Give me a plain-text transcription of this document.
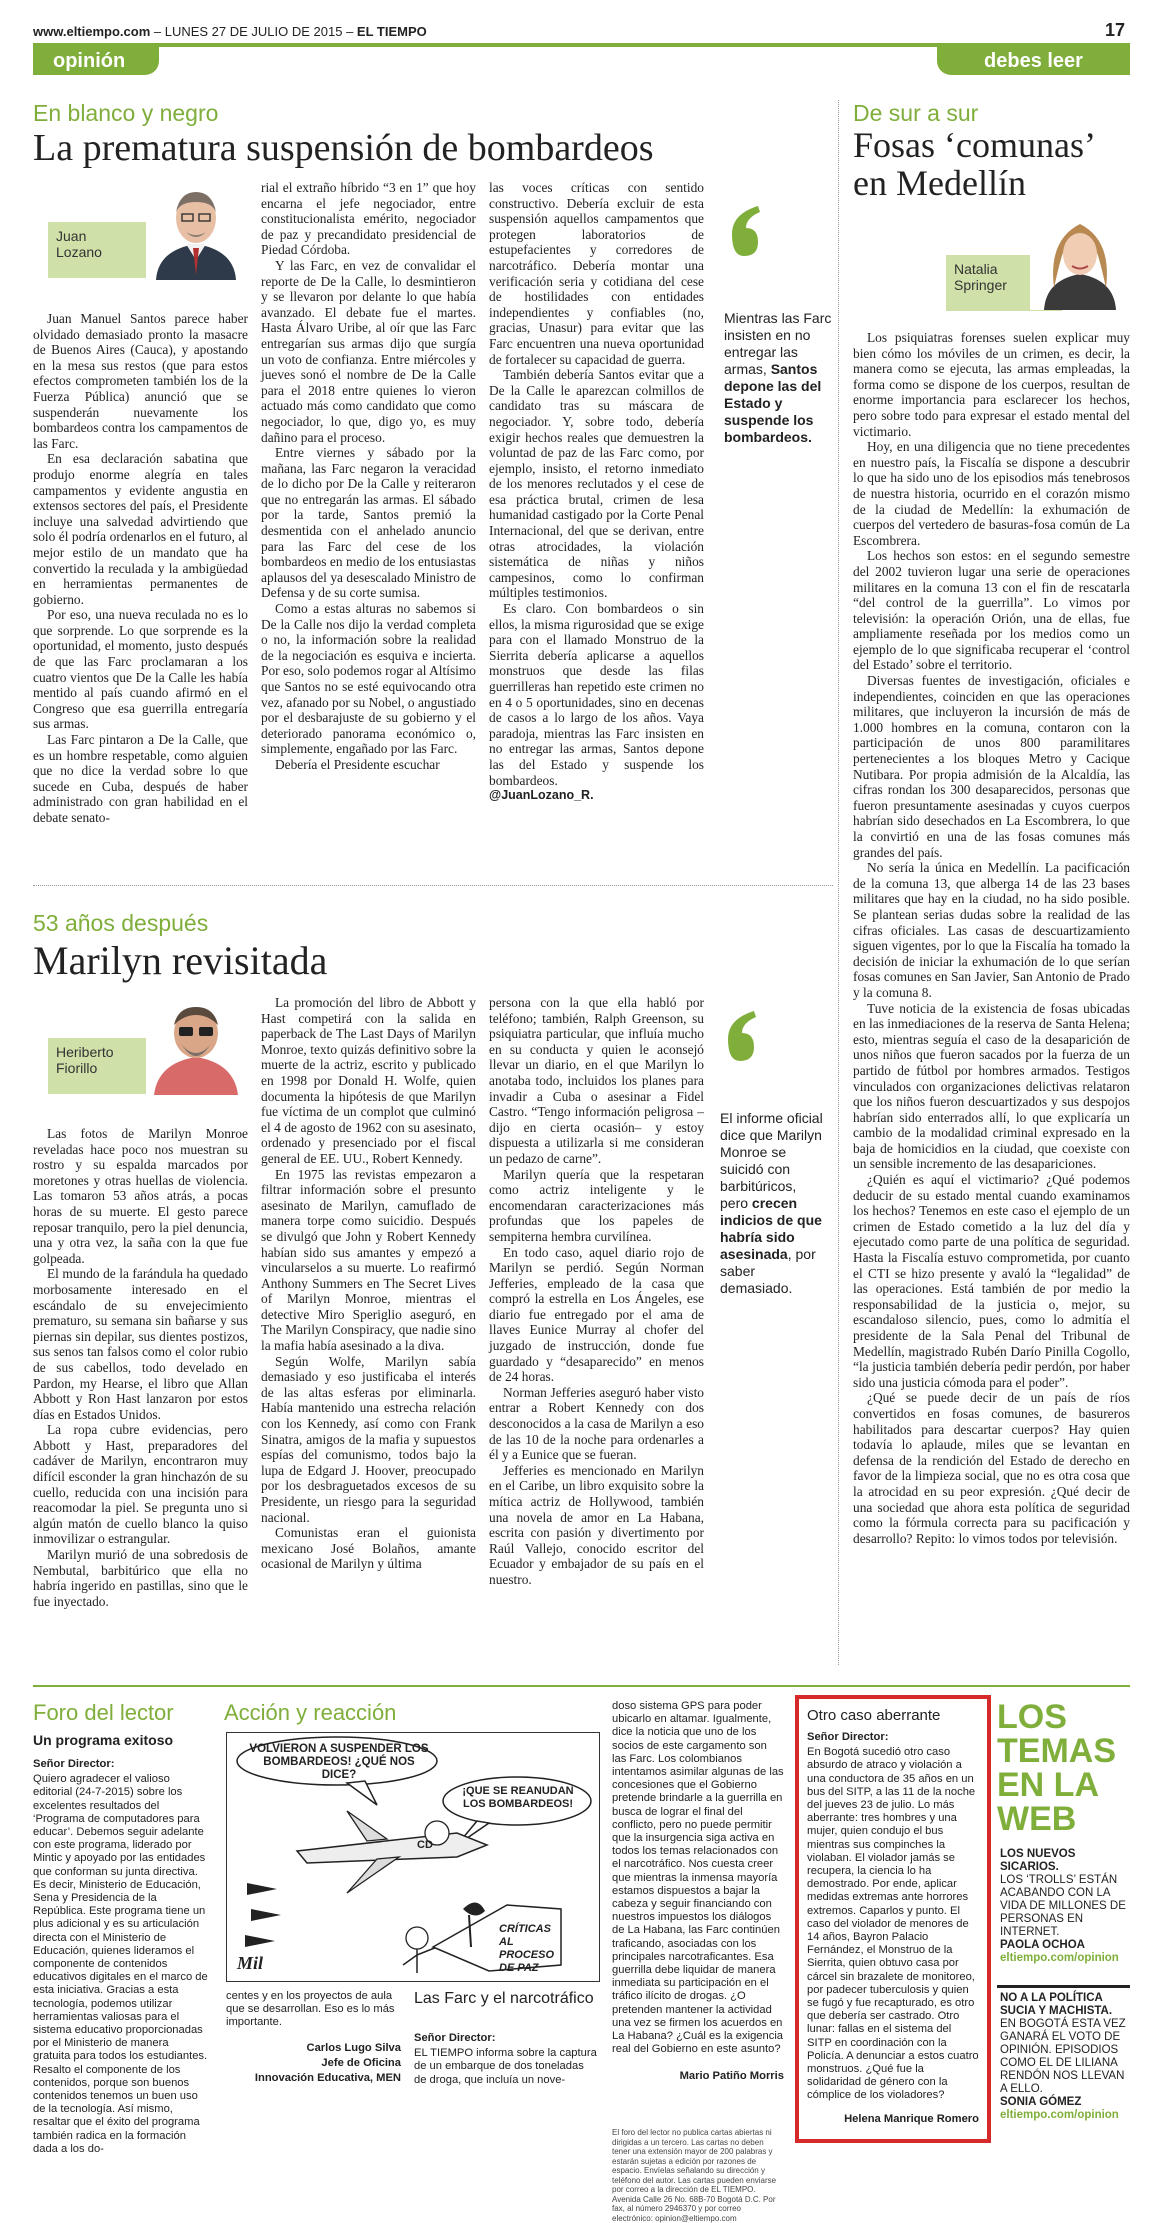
www.eltiempo.com – LUNES 27 DE JULIO DE 2015 – EL TIEMPO	17
opinión	debes leer
En blanco y negro
La prematura suspensión de bombardeos
Juan
Lozano

Juan Manuel Santos parece haber olvidado demasiado pronto la masacre de Buenos Aires (Cauca), y apostando en la mesa sus restos (que para estos efectos comprometen también los de la Fuerza Pública) anunció que se suspenderán nuevamente los bombardeos contra los campamentos de las Farc.

En esa declaración sabatina que produjo enorme alegría en tales campamentos y evidente angustia en extensos sectores del país, el Presidente incluye una salvedad advirtiendo que solo él podría ordenarlos en el futuro, al mejor estilo de un mandato que ha convertido la reculada y la ambigüedad en herramientas permanentes de gobierno.

Por eso, una nueva reculada no es lo que sorprende. Lo que sorprende es la oportunidad, el momento, justo después de que las Farc proclamaran a los cuatro vientos que De la Calle les había mentido al país cuando afirmó en el Congreso que esa guerrilla entregaría sus armas.

Las Farc pintaron a De la Calle, que es un hombre respetable, como alguien que no dice la verdad sobre lo que sucede en Cuba, después de haber administrado con gran habilidad en el debate senato-

rial el extraño híbrido “3 en 1” que hoy encarna el jefe negociador, entre constitucionalista emérito, negociador de paz y precandidato presidencial de Piedad Córdoba.

Y las Farc, en vez de convalidar el reporte de De la Calle, lo desmintieron y se llevaron por delante lo que había avanzado. El debate fue el martes. Hasta Álvaro Uribe, al oír que las Farc entregarían sus armas dijo que surgía un voto de confianza. Entre miércoles y jueves sonó el nombre de De la Calle para el 2018 entre quienes lo vieron actuado más como candidato que como negociador, lo que, digo yo, es muy dañino para el proceso.

Entre viernes y sábado por la mañana, las Farc negaron la veracidad de lo dicho por De la Calle y reiteraron que no entregarán las armas. El sábado por la tarde, Santos premió la desmentida con el anhelado anuncio para las Farc del cese de los bombardeos en medio de los entusiastas aplausos del ya desescalado Ministro de Defensa y de su corte sumisa.

Como a estas alturas no sabemos si De la Calle nos dijo la verdad completa o no, la información sobre la realidad de la negociación es esquiva e incierta. Por eso, solo podemos rogar al Altísimo que Santos no se esté equivocando otra vez, afanado por su Nobel, o angustiado por el desbarajuste de su gobierno y el deteriorado panorama económico o, simplemente, engañado por las Farc.

Debería el Presidente escuchar

las voces críticas con sentido constructivo. Debería excluir de esta suspensión aquellos campamentos que protegen laboratorios de estupefacientes y corredores de narcotráfico. Debería montar una verificación seria y cotidiana del cese de hostilidades con entidades independientes y confiables (no, gracias, Unasur) para evitar que las Farc encuentren una nueva oportunidad de fortalecer su capacidad de guerra.

También debería Santos evitar que a De la Calle le aparezcan colmillos de candidato tras su máscara de negociador. Y, sobre todo, debería exigir hechos reales que demuestren la voluntad de paz de las Farc como, por ejemplo, insisto, el retorno inmediato de los menores reclutados y el cese de esa práctica brutal, crimen de lesa humanidad castigado por la Corte Penal Internacional, del que se derivan, entre otras atrocidades, la violación sistemática de niñas y niños campesinos, como lo confirman múltiples testimonios.

Es claro. Con bombardeos o sin ellos, la misma rigurosidad que se exige para con el llamado Monstruo de la Sierrita debería aplicarse a aquellos monstruos que desde las filas guerrilleras han repetido este crimen no en 4 o 5 oportunidades, sino en decenas de casos a lo largo de los años. Vaya paradoja, mientras las Farc insisten en no entregar las armas, Santos depone las del Estado y suspende los bombardeos.

@JuanLozano_R.

Mientras las Farc insisten en no entregar las armas, Santos depone las del Estado y suspende los bombardeos.
53 años después
Marilyn revisitada
Heriberto
Fiorillo

Las fotos de Marilyn Monroe reveladas hace poco nos muestran su rostro y su espalda marcados por moretones y otras huellas de violencia. Las tomaron 53 años atrás, a pocas horas de su muerte. El gesto parece reposar tranquilo, pero la piel denuncia, una y otra vez, la saña con la que fue golpeada.

El mundo de la farándula ha quedado morbosamente interesado en el escándalo de su envejecimiento prematuro, su semana sin bañarse y sus piernas sin depilar, sus dientes postizos, sus senos tan falsos como el color rubio de sus cabellos, todo develado en Pardon, my Hearse, el libro que Allan Abbott y Ron Hast lanzaron por estos días en Estados Unidos.

La ropa cubre evidencias, pero Abbott y Hast, preparadores del cadáver de Marilyn, encontraron muy difícil esconder la gran hinchazón de su cuello, reducida con una incisión para reacomodar la piel. Se pregunta uno si algún matón de cuello blanco la quiso inmovilizar o estrangular.

Marilyn murió de una sobredosis de Nembutal, barbitúrico que ella no habría ingerido en pastillas, sino que le fue inyectado.

La promoción del libro de Abbott y Hast competirá con la salida en paperback de The Last Days of Marilyn Monroe, texto quizás definitivo sobre la muerte de la actriz, escrito y publicado en 1998 por Donald H. Wolfe, quien documenta la hipótesis de que Marilyn fue víctima de un complot que culminó el 4 de agosto de 1962 con su asesinato, ordenado y presenciado por el fiscal general de EE. UU., Robert Kennedy.

En 1975 las revistas empezaron a filtrar información sobre el presunto asesinato de Marilyn, camuflado de manera torpe como suicidio. Después se divulgó que John y Robert Kennedy habían sido sus amantes y empezó a vincularselos a su muerte. Lo reafirmó Anthony Summers en The Secret Lives of Marilyn Monroe, mientras el detective Miro Speriglio aseguró, en The Marilyn Conspiracy, que nadie sino la mafia había asesinado a la diva.

Según Wolfe, Marilyn sabía demasiado y eso justificaba el interés de las altas esferas por eliminarla. Había mantenido una estrecha relación con los Kennedy, así como con Frank Sinatra, amigos de la mafia y supuestos espías del comunismo, todos bajo la lupa de Edgard J. Hoover, preocupado por los desbraguetados excesos de su Presidente, un riesgo para la seguridad nacional.

Comunistas eran el guionista mexicano José Bolaños, amante ocasional de Marilyn y última

persona con la que ella habló por teléfono; también, Ralph Greenson, su psiquiatra particular, que influía mucho en su conducta y quien le aconsejó llevar un diario, en el que Marilyn lo anotaba todo, incluidos los planes para invadir a Cuba o asesinar a Fidel Castro. “Tengo información peligrosa –dijo en cierta ocasión– y estoy dispuesta a utilizarla si me consideran un pedazo de carne”.

Marilyn quería que la respetaran como actriz inteligente y le encomendaran caracterizaciones más profundas que los papeles de sempiterna hembra curvilínea.

En todo caso, aquel diario rojo de Marilyn se perdió. Según Norman Jefferies, empleado de la casa que compró la estrella en Los Ángeles, ese diario fue entregado por el ama de llaves Eunice Murray al chofer del juzgado de instrucción, donde fue guardado y “desaparecido” en menos de 24 horas.

Norman Jefferies aseguró haber visto entrar a Robert Kennedy con dos desconocidos a la casa de Marilyn a eso de las 10 de la noche para ordenarles a él y a Eunice que se fueran.

Jefferies es mencionado en Marilyn en el Caribe, un libro exquisito sobre la mítica actriz de Hollywood, también una novela de amor en La Habana, escrita con pasión y divertimento por Raúl Vallejo, conocido escritor del Ecuador y embajador de su país en el nuestro.

El informe oficial dice que Marilyn Monroe se suicidó con barbitúricos, pero crecen indicios de que habría sido asesinada, por saber demasiado.
De sur a sur
Fosas ‘comunas’
en Medellín
Natalia
Springer

Los psiquiatras forenses suelen explicar muy bien cómo los móviles de un crimen, es decir, la manera como se ejecuta, las armas empleadas, la forma como se dispone de los cuerpos, resultan de enorme importancia para esclarecer los hechos, pero sobre todo para expresar el estado mental del victimario.

Hoy, en una diligencia que no tiene precedentes en nuestro país, la Fiscalía se dispone a descubrir lo que ha sido uno de los episodios más tenebrosos de nuestra historia, ocurrido en el corazón mismo de la ciudad de Medellín: la exhumación de cuerpos del vertedero de basuras-fosa común de La Escombrera.

Los hechos son estos: en el segundo semestre del 2002 tuvieron lugar una serie de operaciones militares en la comuna 13 con el fin de rescatarla “del control de la guerrilla”. Lo vimos por televisión: la operación Orión, una de ellas, fue ampliamente reseñada por los medios como un ejemplo de lo que significaba recuperar el ‘control del Estado’ sobre el territorio.

Diversas fuentes de investigación, oficiales e independientes, coinciden en que las operaciones militares, que incluyeron la incursión de más de 1.000 hombres en la comuna, contaron con la participación de unos 800 paramilitares pertenecientes a los bloques Metro y Cacique Nutibara. Por propia admisión de la Alcaldía, las cifras rondan los 300 desaparecidos, personas que fueron presuntamente asesinadas y cuyos cuerpos habrían sido desechados en La Escombrera, lo que la convirtió en una de las fosas comunes más grandes del país.

No sería la única en Medellín. La pacificación de la comuna 13, que alberga 14 de las 23 bases militares que hay en la ciudad, no ha sido posible. Se plantean serias dudas sobre la realidad de las cifras oficiales. Las casas de descuartizamiento siguen vigentes, por lo que la Fiscalía ha tomado la decisión de iniciar la exhumación de lo que serían fosas comunes en San Javier, San Antonio de Prado y la comuna 8.

Tuve noticia de la existencia de fosas ubicadas en las inmediaciones de la reserva de Santa Helena; esto, mientras seguía el caso de la desaparición de unos niños que fueron sacados por la fuerza de un partido de fútbol por hombres armados. Testigos vinculados con organizaciones delictivas relataron que los niños fueron descuartizados y sus despojos habrían sido enterrados allí, lo que explicaría un cambio de la modalidad criminal expresado en la baja de homicidios en la ciudad, que coexiste con un sensible incremento de las desapariciones.

¿Quién es aquí el victimario? ¿Qué podemos deducir de su estado mental cuando examinamos los hechos? Tenemos en este caso el ejemplo de un crimen de Estado cometido a la luz del día y ejecutado como parte de una política de seguridad. Hasta la Fiscalía estuvo comprometida, por cuanto el CTI se hizo presente y avaló la “legalidad” de las operaciones. Está también de por medio la responsabilidad de la justicia o, mejor, su escandaloso silencio, pues, como lo admitía el presidente de la Sala Penal del Tribunal de Medellín, magistrado Rubén Darío Pinilla Cogollo, “la justicia también debería pedir perdón, por haber sido una justicia cómoda para el poder”.

¿Qué se puede decir de un país de ríos convertidos en fosas comunes, de basureros habilitados para descartar cuerpos? Hay quien todavía lo aplaude, miles que se levantan en defensa de la rendición del Estado de derecho en favor de la limpieza social, que no es otra cosa que la atrocidad en su peor expresión. ¿Qué decir de una sociedad que ahora esta política de seguridad como la fórmula correcta para su pacificación y desarrollo? Repito: lo vimos todos por televisión.

Foro del lector
Un programa exitoso

Señor Director:

Quiero agradecer el valioso editorial (24-7-2015) sobre los excelentes resultados del ‘Programa de computadores para educar’. Debemos seguir adelante con este programa, liderado por Mintic y apoyado por las entidades que conforman su junta directiva. Es decir, Ministerio de Educación, Sena y Presidencia de la República. Este programa tiene un plus adicional y es su articulación directa con el Ministerio de Educación, quienes lideramos el componente de contenidos educativos digitales en el marco de esta iniciativa. Gracias a esta tecnología, podemos utilizar herramientas valiosas para el sistema educativo proporcionadas por el Ministerio de manera gratuita para todos los estudiantes. Resalto el componente de los contenidos, porque son buenos contenidos tenemos un buen uso de la tecnología. Así mismo, resaltar que el éxito del programa también radica en la formación dada a los do-

Acción y reacción
VOLVIERON A SUSPENDER LOS BOMBARDEOS! ¿QUÉ NOS DICE?
¡QUE SE REANUDAN LOS BOMBARDEOS!
CD
CRÍTICAS AL PROCESO DE PAZ
Mil

centes y en los proyectos de aula que se desarrollan. Eso es lo más importante.

Carlos Lugo Silva

Jefe de Oficina

Innovación Educativa, MEN

Las Farc y el narcotráfico

Señor Director:

EL TIEMPO informa sobre la captura de un embarque de dos toneladas de droga, que incluía un nove-

doso sistema GPS para poder ubicarlo en altamar. Igualmente, dice la noticia que uno de los socios de este cargamento son las Farc. Los colombianos intentamos asimilar algunas de las concesiones que el Gobierno pretende brindarle a la guerrilla en busca de lograr el final del conflicto, pero no puede permitir que la insurgencia siga activa en todos los temas relacionados con el narcotráfico. Nos cuesta creer que mientras la inmensa mayoría estamos dispuestos a bajar la cabeza y seguir financiando con nuestros impuestos los diálogos de La Habana, las Farc continúen traficando, asociadas con los principales narcotraficantes. Esa guerrilla debe liquidar de manera inmediata su participación en el tráfico ilícito de drogas. ¿O pretenden mantener la actividad una vez se firmen los acuerdos en La Habana? ¿Cuál es la exigencia real del Gobierno en este asunto?

Mario Patiño Morris

Otro caso aberrante

Señor Director:

En Bogotá sucedió otro caso absurdo de atraco y violación a una conductora de 35 años en un bus del SITP, a las 11 de la noche del jueves 23 de julio. Lo más aberrante: tres hombres y una mujer, quien condujo el bus mientras sus compinches la violaban. El violador jamás se recupera, la ciencia lo ha demostrado. Por ende, aplicar medidas extremas ante horrores extremos. Caparlos y punto. El caso del violador de menores de 14 años, Bayron Palacio Fernández, el Monstruo de la Sierrita, quien obtuvo casa por cárcel sin brazalete de monitoreo, por padecer tuberculosis y quien se fugó y fue recapturado, es otro que debería ser castrado. Otro lunar: fallas en el sistema del SITP en coordinación con la Policía. A denunciar a estos cuatro monstruos. ¿Qué fue la solidaridad de género con la cómplice de los violadores?

Helena Manrique Romero

El foro del lector no publica cartas abiertas ni dirigidas a un tercero. Las cartas no deben tener una extensión mayor de 200 palabras y estarán sujetas a edición por razones de espacio. Envíelas señalando su dirección y teléfono del autor. Las cartas pueden enviarse por correo a la dirección de EL TIEMPO. Avenida Calle 26 No. 68B-70 Bogotá D.C. Por fax, al número 2946370 y por correo electrónico: opinion@eltiempo.com
LOS TEMAS EN LA WEB
LOS NUEVOS SICARIOS.
LOS ‘TROLLS’ ESTÁN ACABANDO CON LA VIDA DE MILLONES DE PERSONAS EN INTERNET.
PAOLA OCHOA
eltiempo.com/opinion
NO A LA POLÍTICA SUCIA Y MACHISTA.
EN BOGOTÁ ESTA VEZ GANARÁ EL VOTO DE OPINIÓN. EPISODIOS COMO EL DE LILIANA RENDÓN NOS LLEVAN A ELLO.
SONIA GÓMEZ
eltiempo.com/opinion
